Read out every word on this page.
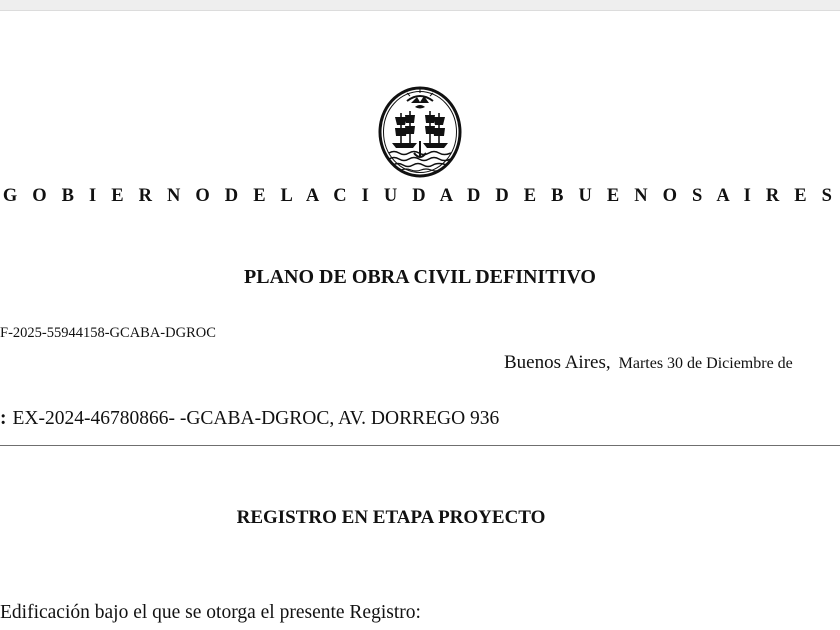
G O B I E R N O D E L A C I U D A D D E B U E N O S A I R E S
PLANO DE OBRA CIVIL DEFINITIVO
F-2025-55944158-GCABA-DGROC
Buenos Aires, Martes 30 de Diciembre de
: EX-2024-46780866- -GCABA-DGROC, AV. DORREGO 936
REGISTRO EN ETAPA PROYECTO
Edificación bajo el que se otorga el presente Registro:
